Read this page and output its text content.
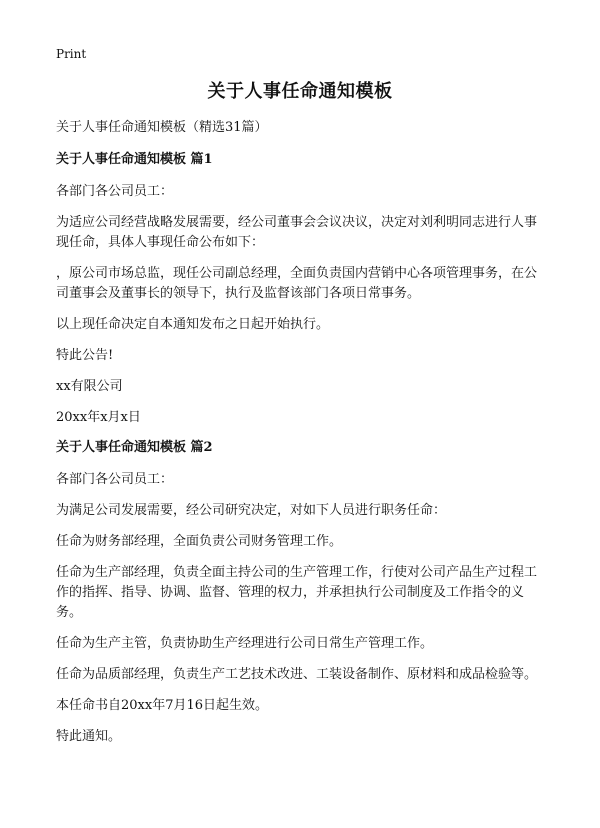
Print
关于人事任命通知模板
关于人事任命通知模板（精选31篇）
关于人事任命通知模板 篇1

各部门各公司员工：

为适应公司经营战略发展需要，经公司董事会会议决议，决定对刘利明同志进行人事现任命，具体人事现任命公布如下：

，原公司市场总监，现任公司副总经理，全面负责国内营销中心各项管理事务，在公司董事会及董事长的领导下，执行及监督该部门各项日常事务。

以上现任命决定自本通知发布之日起开始执行。

特此公告!

xx有限公司

20xx年x月x日

关于人事任命通知模板 篇2

各部门各公司员工：

为满足公司发展需要，经公司研究决定，对如下人员进行职务任命：

任命为财务部经理，全面负责公司财务管理工作。

任命为生产部经理，负责全面主持公司的生产管理工作，行使对公司产品生产过程工作的指挥、指导、协调、监督、管理的权力，并承担执行公司制度及工作指令的义务。

任命为生产主管，负责协助生产经理进行公司日常生产管理工作。

任命为品质部经理，负责生产工艺技术改进、工装设备制作、原材料和成品检验等。

本任命书自20xx年7月16日起生效。

特此通知。
